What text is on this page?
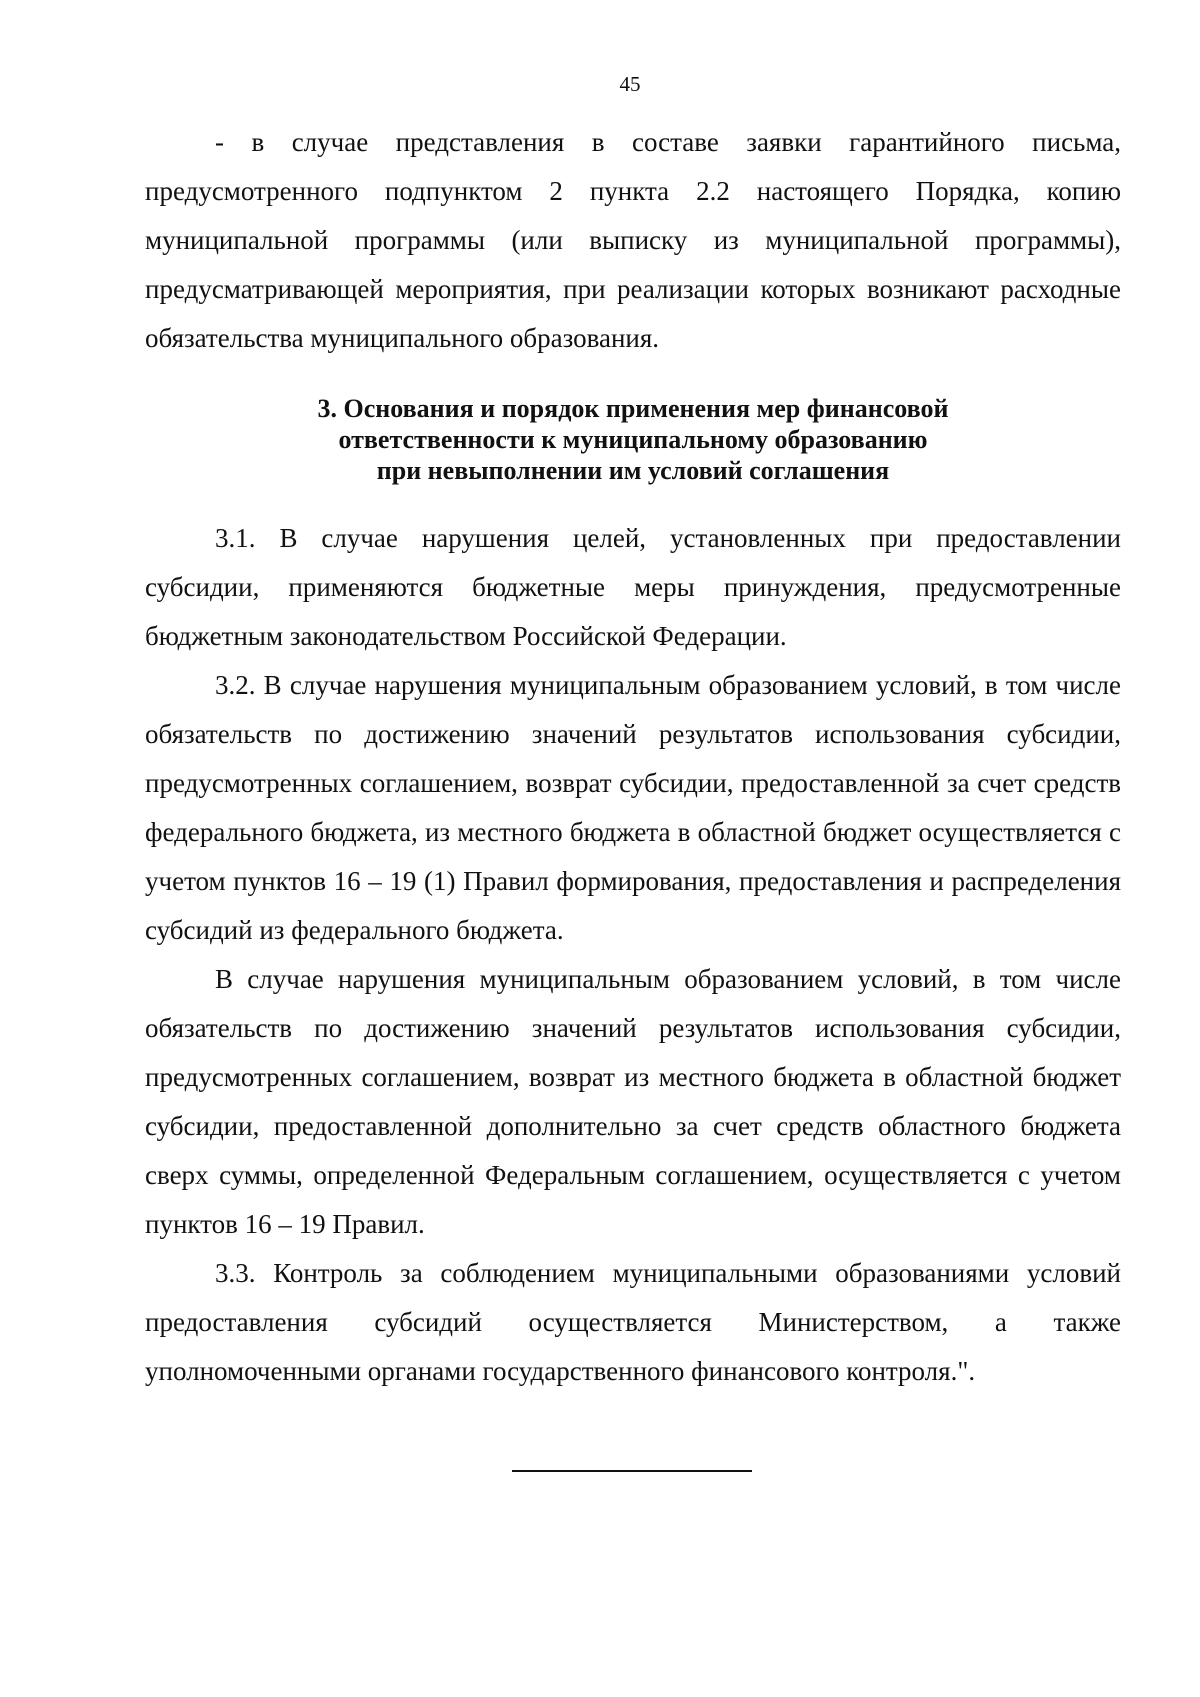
45

- в случае представления в составе заявки гарантийного письма, предусмотренного подпунктом 2 пункта 2.2 настоящего Порядка, копию муниципальной программы (или выписку из муниципальной программы), предусматривающей мероприятия, при реализации которых возникают расходные обязательства муниципального образования.

3. Основания и порядок применения мер финансовой
ответственности к муниципальному образованию
при невыполнении им условий соглашения

3.1. В случае нарушения целей, установленных при предоставлении субсидии, применяются бюджетные меры принуждения, предусмотренные бюджетным законодательством Российской Федерации.

3.2. В случае нарушения муниципальным образованием условий, в том числе обязательств по достижению значений результатов использования субсидии, предусмотренных соглашением, возврат субсидии, предоставленной за счет средств федерального бюджета, из местного бюджета в областной бюджет осуществляется с учетом пунктов 16 – 19 (1) Правил формирования, предоставления и распределения субсидий из федерального бюджета.

В случае нарушения муниципальным образованием условий, в том числе обязательств по достижению значений результатов использования субсидии, предусмотренных соглашением, возврат из местного бюджета в областной бюджет субсидии, предоставленной дополнительно за счет средств областного бюджета сверх суммы, определенной Федеральным соглашением, осуществляется с учетом пунктов 16 – 19 Правил.

3.3. Контроль за соблюдением муниципальными образованиями условий предоставления субсидий осуществляется Министерством, а также уполномоченными органами государственного финансового контроля.".
